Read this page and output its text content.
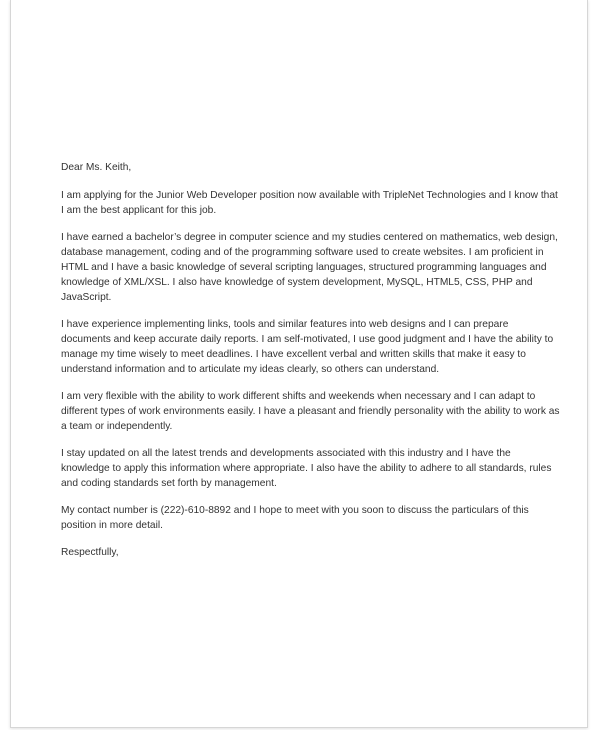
Dear Ms. Keith,

I am applying for the Junior Web Developer position now available with TripleNet Technologies and I know that I am the best applicant for this job.

I have earned a bachelor’s degree in computer science and my studies centered on mathematics, web design, database management, coding and of the programming software used to create websites. I am proficient in HTML and I have a basic knowledge of several scripting languages, structured programming languages and knowledge of XML/XSL. I also have knowledge of system development, MySQL, HTML5, CSS, PHP and JavaScript.

I have experience implementing links, tools and similar features into web designs and I can prepare documents and keep accurate daily reports. I am self-motivated, I use good judgment and I have the ability to manage my time wisely to meet deadlines. I have excellent verbal and written skills that make it easy to understand information and to articulate my ideas clearly, so others can understand.

I am very flexible with the ability to work different shifts and weekends when necessary and I can adapt to different types of work environments easily. I have a pleasant and friendly personality with the ability to work as a team or independently.

I stay updated on all the latest trends and developments associated with this industry and I have the knowledge to apply this information where appropriate. I also have the ability to adhere to all standards, rules and coding standards set forth by management.

My contact number is (222)-610-8892 and I hope to meet with you soon to discuss the particulars of this position in more detail.

Respectfully,
